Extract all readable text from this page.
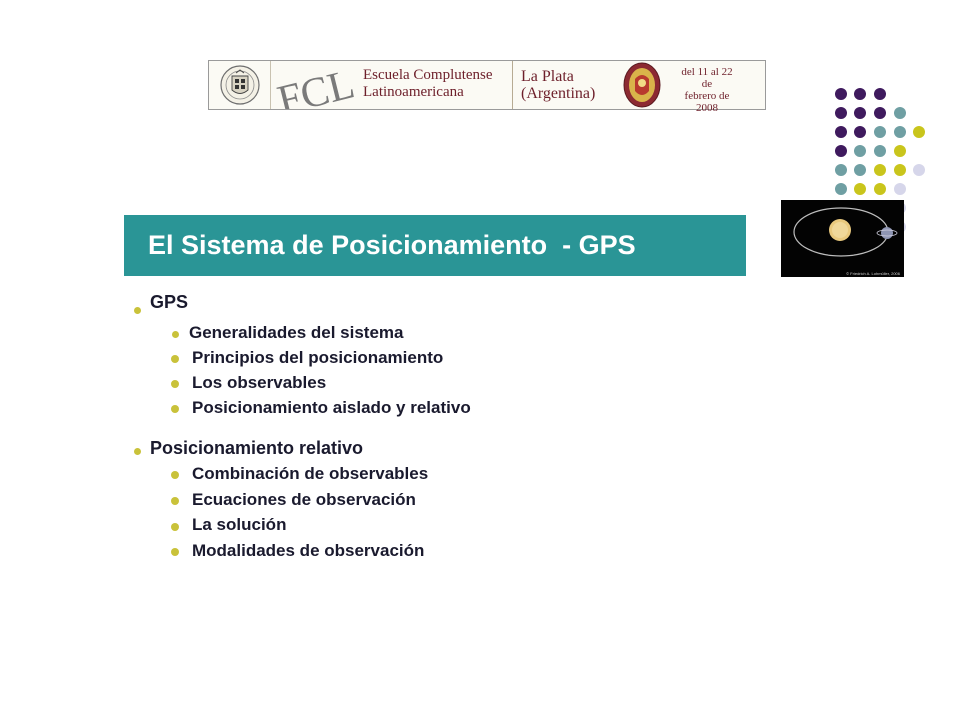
FCL Escuela Complutense
Latinoamericana
La Plata
(Argentina)
del 11 al 22 de
febrero de
2008
© Friedrich A. Lohmüller, 2006
El Sistema de Posicionamiento  - GPS
GPS
Generalidades del sistema
Principios del posicionamiento
Los observables
Posicionamiento aislado y relativo
Posicionamiento relativo
Combinación de observables
Ecuaciones de observación
La solución
Modalidades de observación
